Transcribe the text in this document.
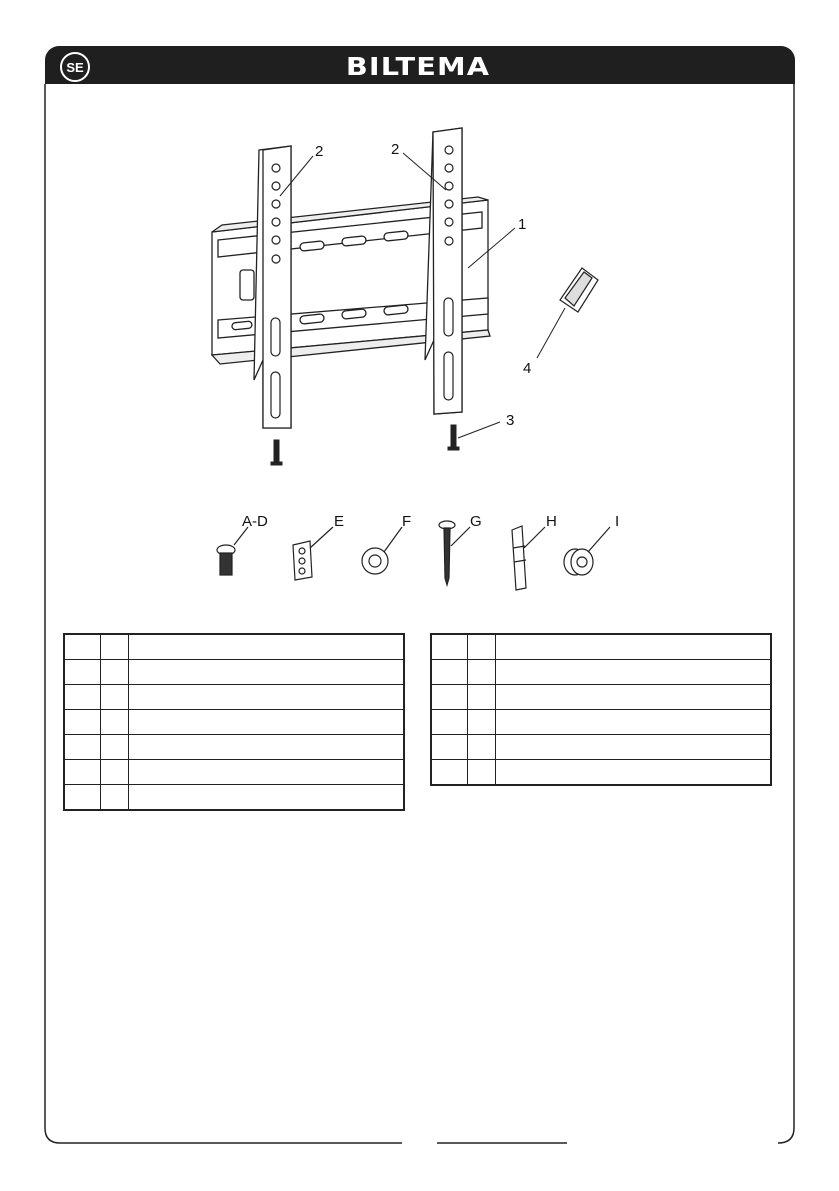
SE	BILTEMA
2	2
1
4
3
A-D	E	F	G	H	I
